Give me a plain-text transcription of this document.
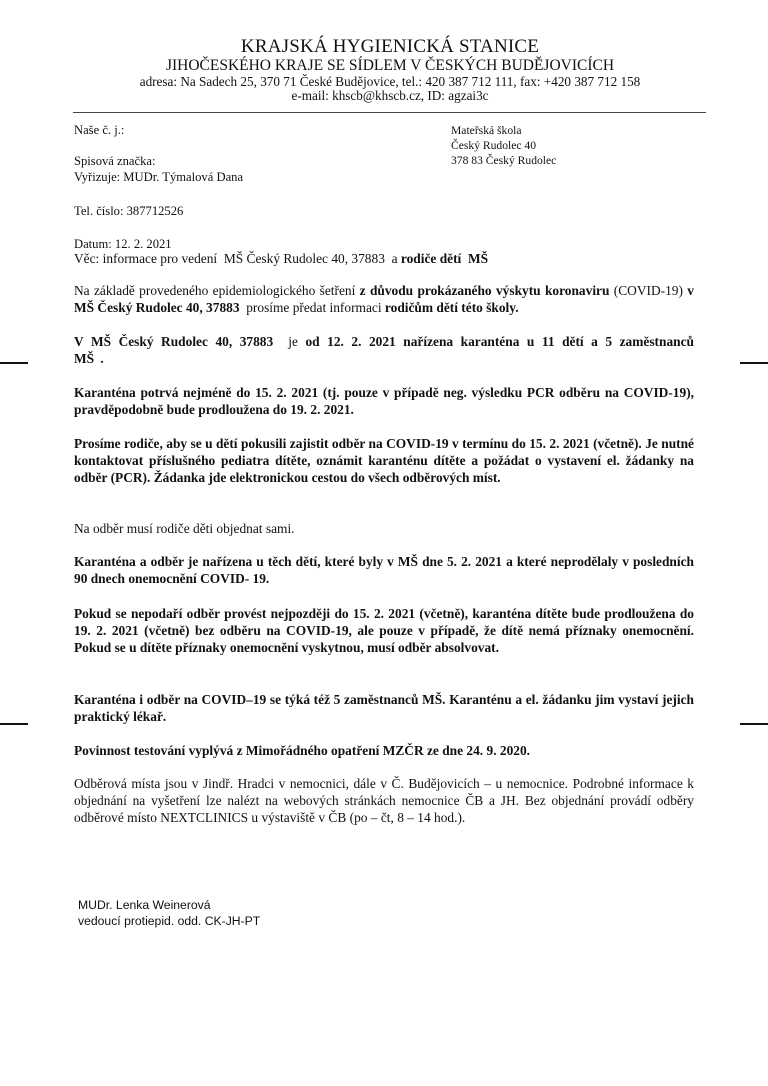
KRAJSKÁ HYGIENICKÁ STANICE
JIHOČESKÉHO KRAJE SE SÍDLEM V ČESKÝCH BUDĚJOVICÍCH
adresa: Na Sadech 25, 370 71 České Budějovice, tel.: 420 387 712 111, fax: +420 387 712 158
e-mail: khscb@khscb.cz, ID: agzai3c
Naše č. j.:
Spisová značka:
Vyřizuje: MUDr. Týmalová Dana
Tel. číslo: 387712526
Datum: 12. 2. 2021
Mateřská škola
Český Rudolec 40
378 83 Český Rudolec
Věc: informace pro vedení  MŠ Český Rudolec 40, 37883  a rodiče dětí  MŠ
Na základě provedeného epidemiologického šetření z důvodu prokázaného výskytu koronaviru (COVID-19) v MŠ Český Rudolec 40, 37883  prosíme předat informaci rodičům dětí této školy.
V MŠ Český Rudolec 40, 37883  je od 12. 2. 2021 nařízena karanténa u 11 dětí a 5 zaměstnanců MŠ .
Karanténa potrvá nejméně do 15. 2. 2021 (tj. pouze v případě neg. výsledku PCR odběru na COVID-19), pravděpodobně bude prodloužena do 19. 2. 2021.
Prosíme rodiče, aby se u dětí pokusili zajistit odběr na COVID-19 v termínu do 15. 2. 2021 (včetně). Je nutné kontaktovat příslušného pediatra dítěte, oznámit karanténu dítěte a požádat o vystavení el. žádanky na odběr (PCR). Žádanka jde elektronickou cestou do všech odběrových míst.
Na odběr musí rodiče děti objednat sami.
Karanténa a odběr je nařízena u těch dětí, které byly v MŠ dne 5. 2. 2021 a které neprodělaly v posledních 90 dnech onemocnění COVID- 19.
Pokud se nepodaří odběr provést nejpozději do 15. 2. 2021 (včetně), karanténa dítěte bude prodloužena do 19. 2. 2021 (včetně) bez odběru na COVID-19, ale pouze v případě, že dítě nemá příznaky onemocnění. Pokud se u dítěte příznaky onemocnění vyskytnou, musí odběr absolvovat.
Karanténa i odběr na COVID–19 se týká též 5 zaměstnanců MŠ. Karanténu a el. žádanku jim vystaví jejich praktický lékař.
Povinnost testování vyplývá z Mimořádného opatření MZČR ze dne 24. 9. 2020.
Odběrová místa jsou v Jindř. Hradci v nemocnici, dále v Č. Budějovicích – u nemocnice. Podrobné informace k objednání na vyšetření lze nalézt na webových stránkách nemocnice ČB a JH. Bez objednání provádí odběry odběrové místo NEXTCLINICS u výstaviště v ČB (po – čt, 8 – 14 hod.).
MUDr. Lenka Weinerová
vedoucí protiepid. odd. CK-JH-PT
